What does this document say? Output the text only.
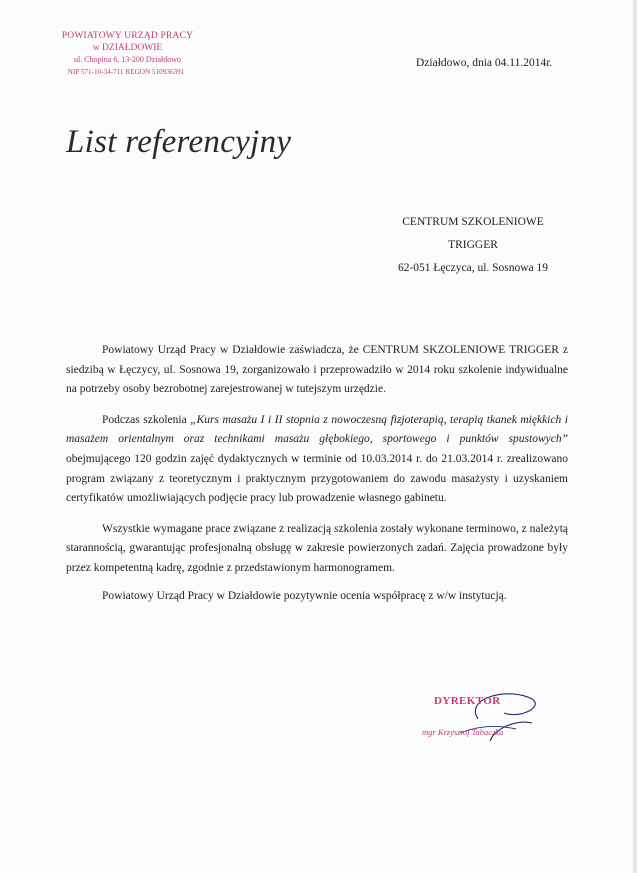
POWIATOWY URZĄD PRACY
w DZIAŁDOWIE
ul. Chopina 6, 13-200 Działdowo
NIP 571-10-34-711 REGON 510936391
Działdowo, dnia 04.11.2014r.
List referencyjny
CENTRUM SZKOLENIOWE
TRIGGER
62-051 Łęczyca, ul. Sosnowa 19

Powiatowy Urząd Pracy w Działdowie zaświadcza, że CENTRUM SKZOLENIOWE TRIGGER z siedzibą w Łęczycy, ul. Sosnowa 19, zorganizowało i przeprowadziło w 2014 roku szkolenie indywidualne na potrzeby osoby bezrobotnej zarejestrowanej w tutejszym urzędzie.

Podczas szkolenia „Kurs masażu I i II stopnia z nowoczesną fizjoterapią, terapią tkanek miękkich i masażem orientalnym oraz technikami masażu głębokiego, sportowego i punktów spustowych” obejmującego 120 godzin zajęć dydaktycznych w terminie od 10.03.2014 r. do 21.03.2014 r. zrealizowano program związany z teoretycznym i praktycznym przygotowaniem do zawodu masażysty i uzyskaniem certyfikatów umożliwiających podjęcie pracy lub prowadzenie własnego gabinetu.

Wszystkie wymagane prace związane z realizacją szkolenia zostały wykonane terminowo, z należytą starannością, gwarantując profesjonalną obsługę w zakresie powierzonych zadań. Zajęcia prowadzone były przez kompetentną kadrę, zgodnie z przedstawionym harmonogramem.

Powiatowy Urząd Pracy w Działdowie pozytywnie ocenia współpracę z w/w instytucją.

DYREKTOR
mgr Krzysztof Tabaczka
